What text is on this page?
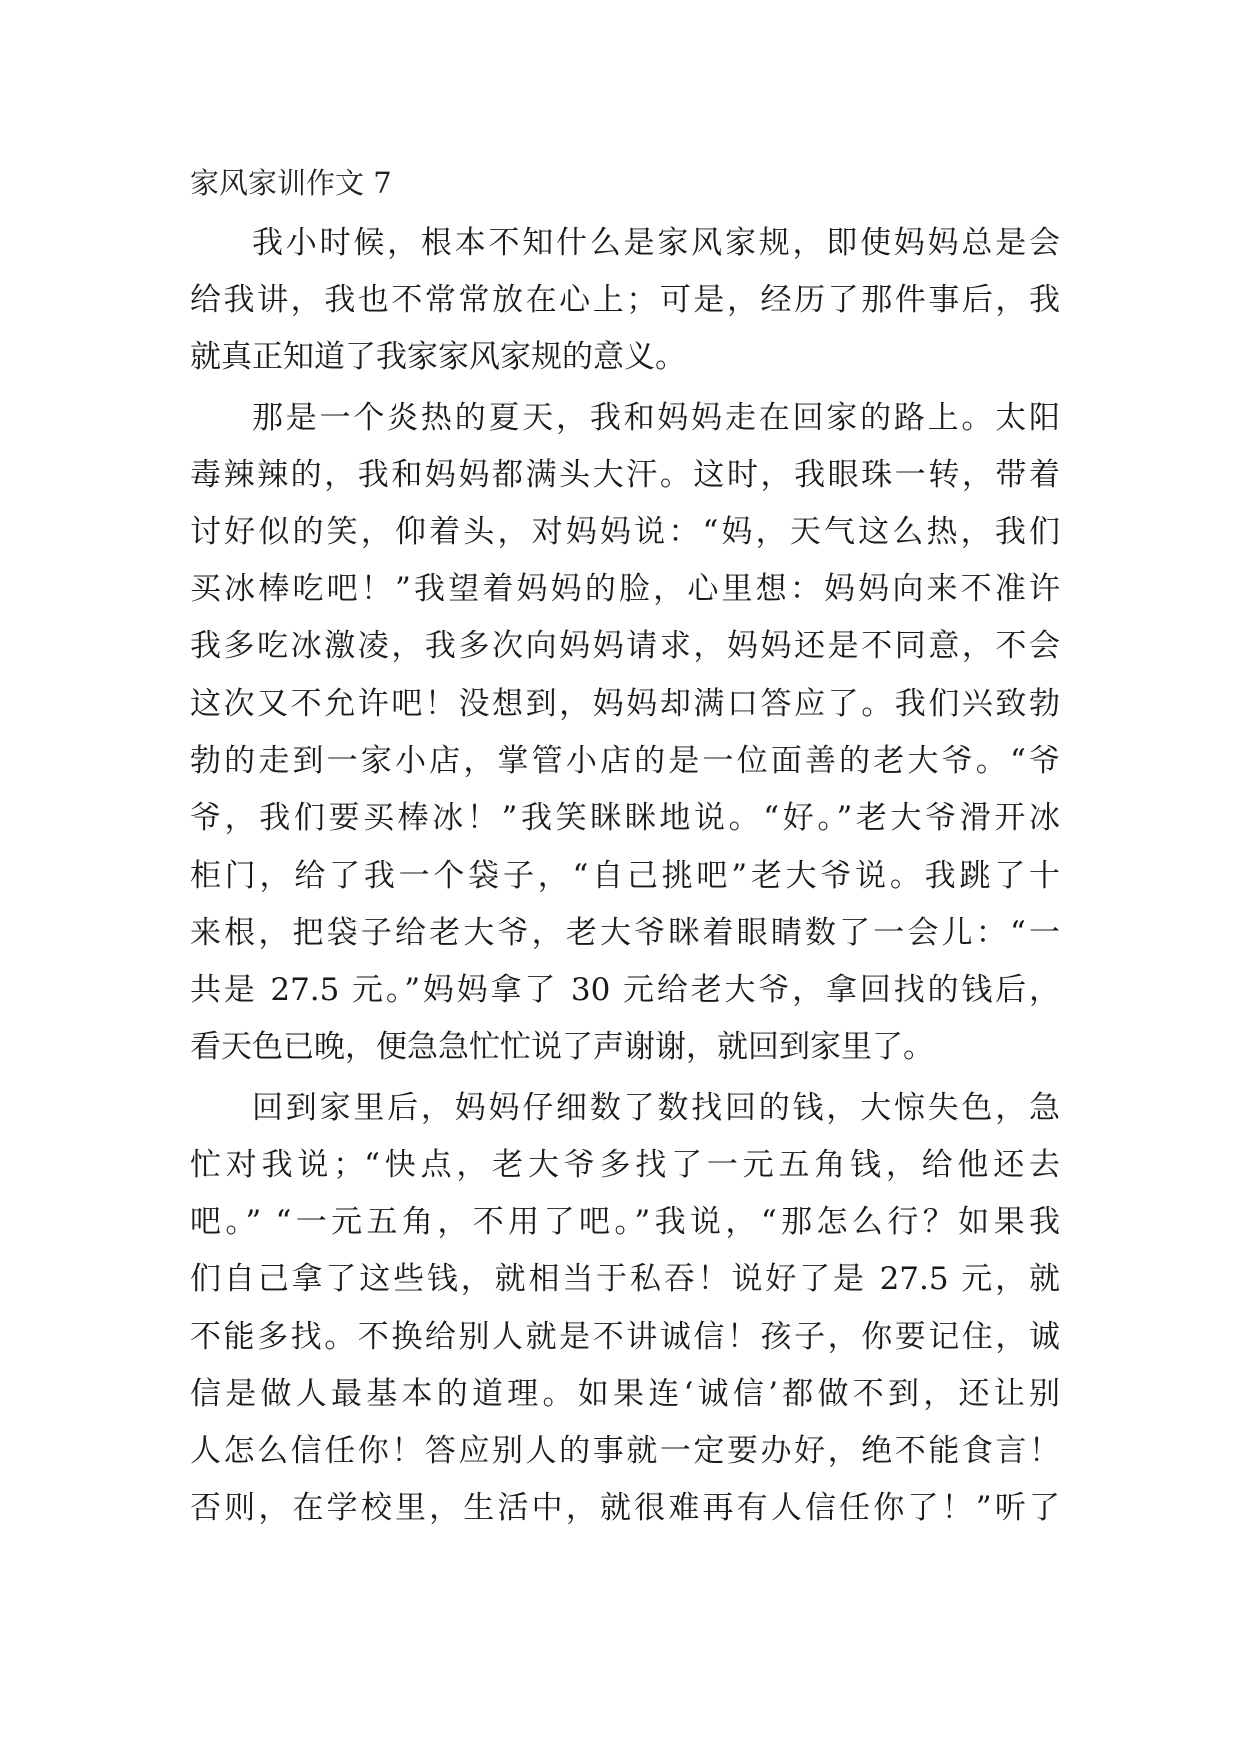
家风家训作文 7
我小时候，根本不知什么是家风家规，即使妈妈总是会
给我讲，我也不常常放在心上；可是，经历了那件事后，我
就真正知道了我家家风家规的意义。
那是一个炎热的夏天，我和妈妈走在回家的路上。太阳
毒辣辣的，我和妈妈都满头大汗。这时，我眼珠一转，带着
讨好似的笑，仰着头，对妈妈说：“妈，天气这么热，我们
买冰棒吃吧！”我望着妈妈的脸，心里想：妈妈向来不准许
我多吃冰激凌，我多次向妈妈请求，妈妈还是不同意，不会
这次又不允许吧！没想到，妈妈却满口答应了。我们兴致勃
勃的走到一家小店，掌管小店的是一位面善的老大爷。“爷
爷，我们要买棒冰！”我笑眯眯地说。“好。”老大爷滑开冰
柜门，给了我一个袋子，“自己挑吧”老大爷说。我跳了十
来根，把袋子给老大爷，老大爷眯着眼睛数了一会儿：“一
共是 27.5 元。”妈妈拿了 30 元给老大爷，拿回找的钱后，
看天色已晚，便急急忙忙说了声谢谢，就回到家里了。
回到家里后，妈妈仔细数了数找回的钱，大惊失色，急
忙对我说；“快点，老大爷多找了一元五角钱，给他还去
吧。” “一元五角，不用了吧。”我说，“那怎么行？如果我
们自己拿了这些钱，就相当于私吞！说好了是 27.5 元，就
不能多找。不换给别人就是不讲诚信！孩子，你要记住，诚
信是做人最基本的道理。如果连‘诚信’都做不到，还让别
人怎么信任你！答应别人的事就一定要办好，绝不能食言！
否则，在学校里，生活中，就很难再有人信任你了！”听了
